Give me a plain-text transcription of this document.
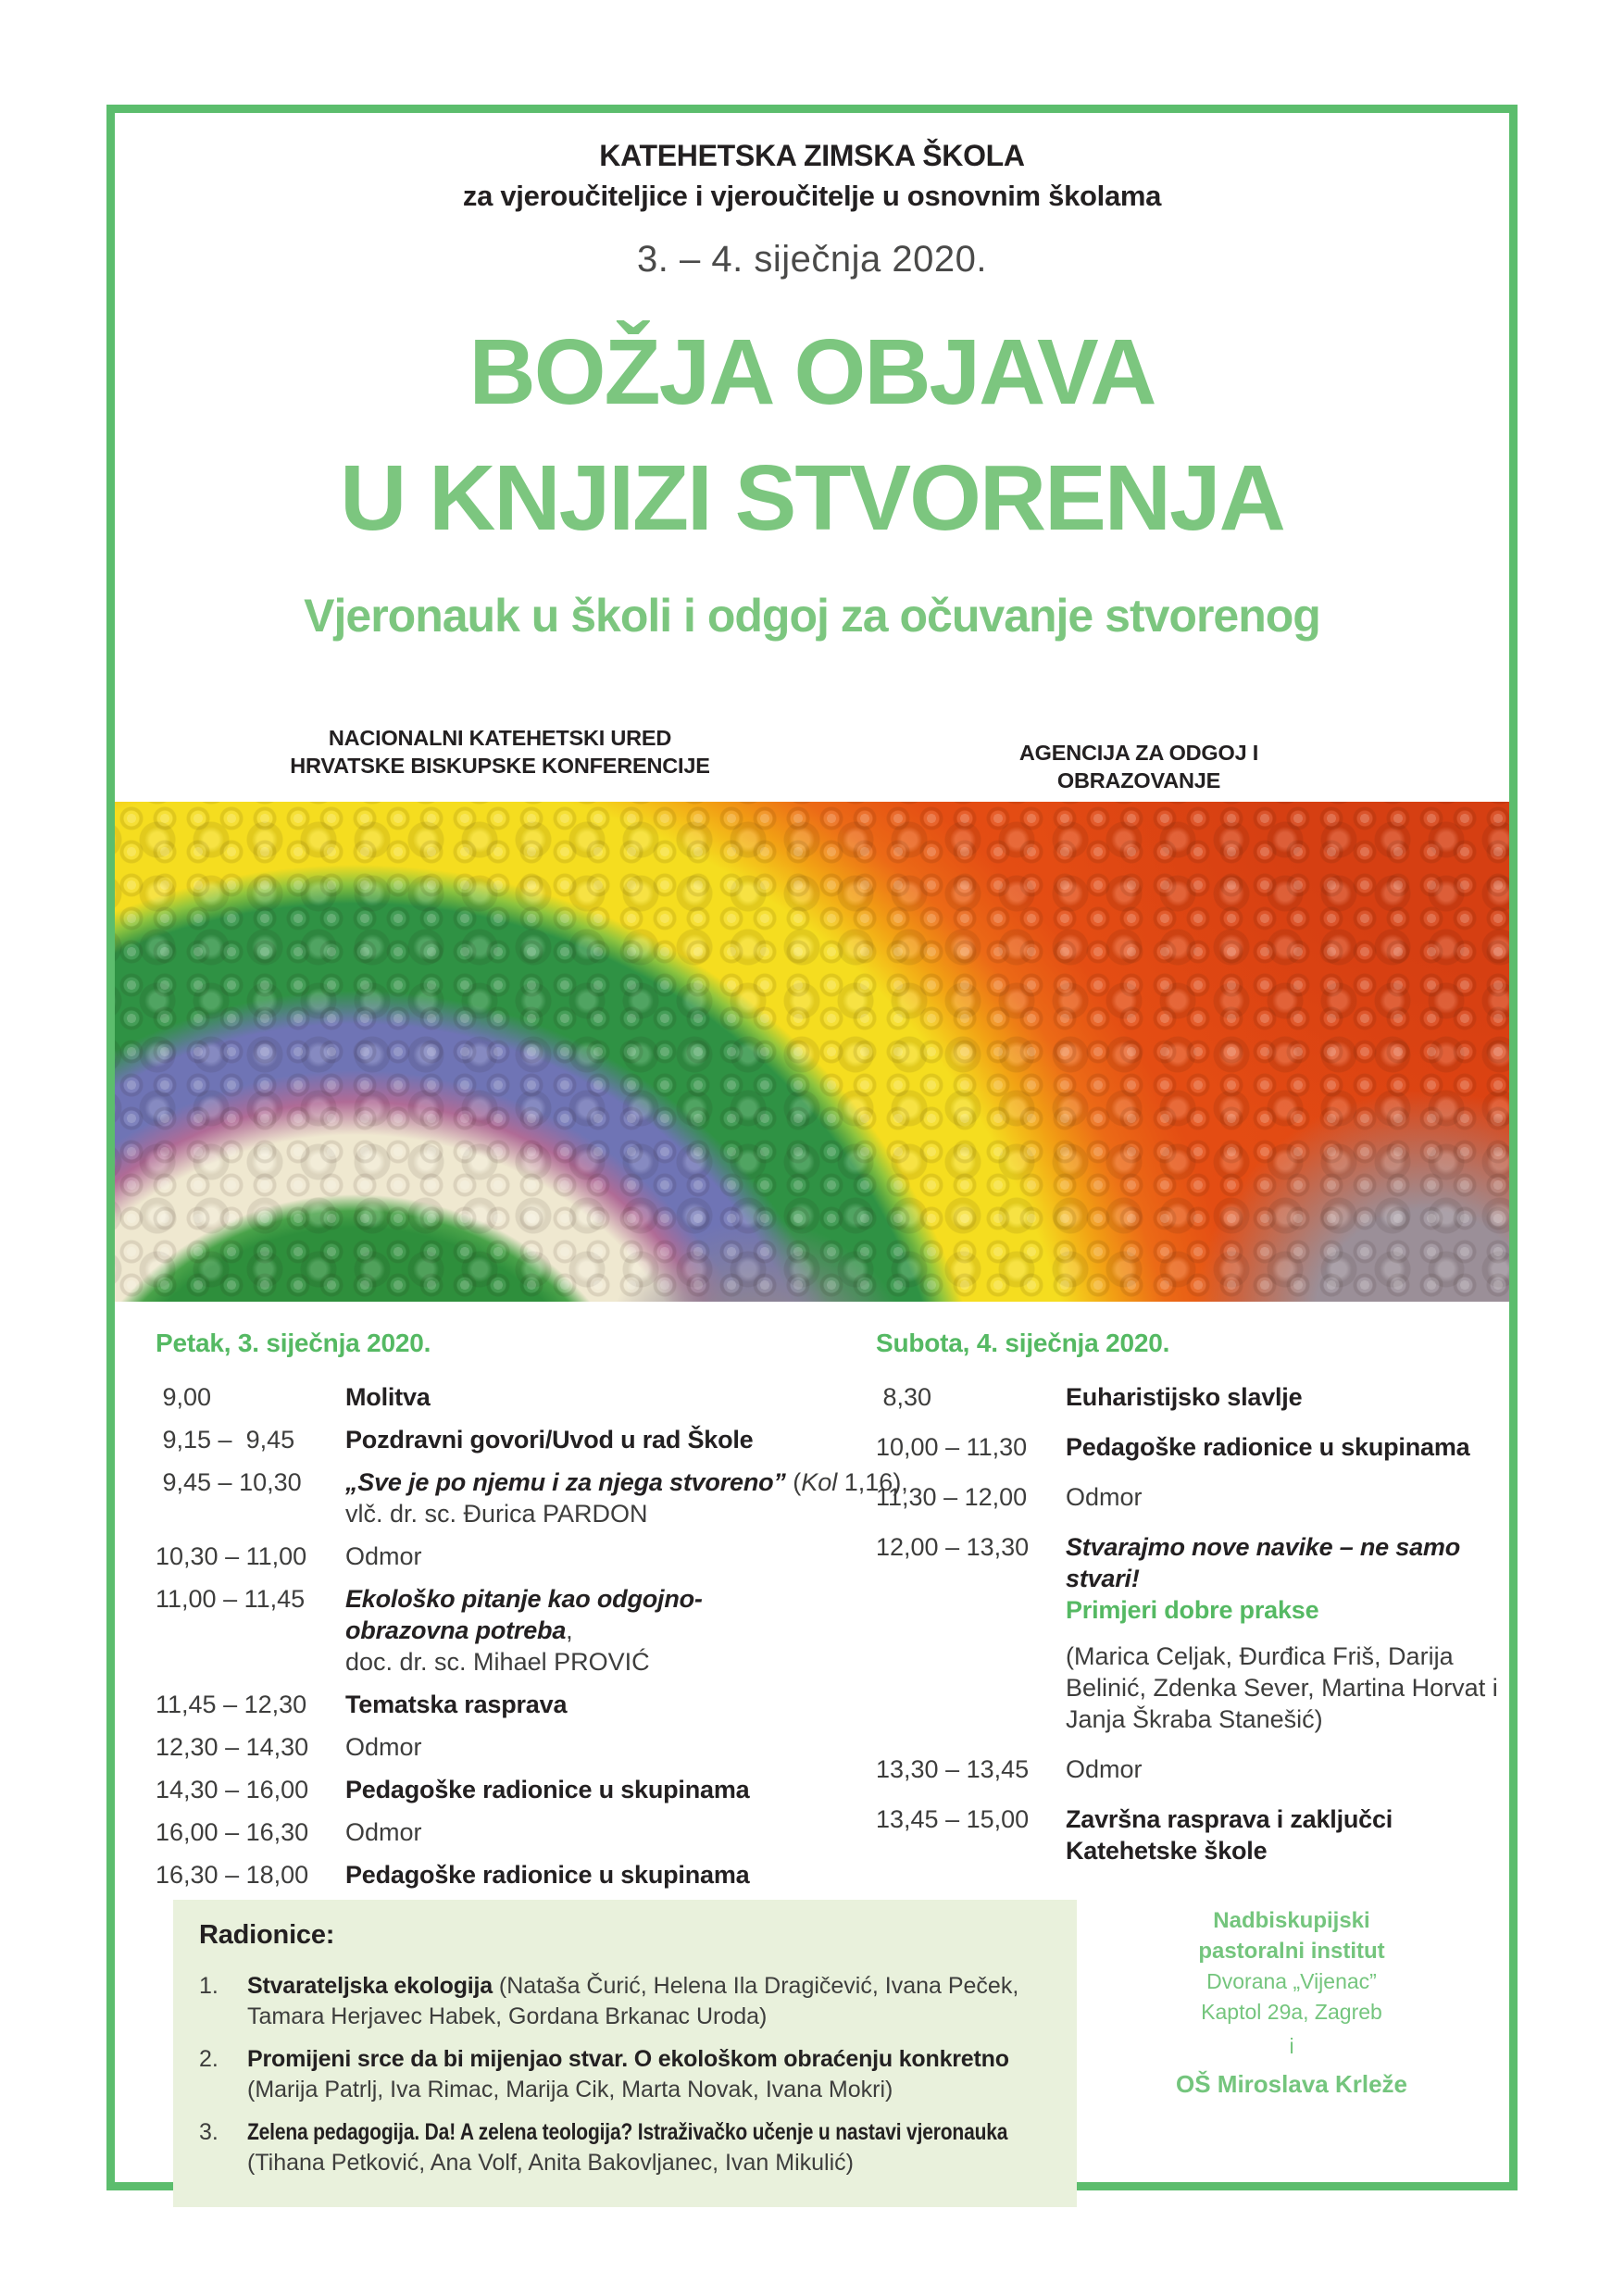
KATEHETSKA ZIMSKA ŠKOLA
za vjeroučiteljice i vjeroučitelje u osnovnim školama
3. – 4. siječnja 2020.
BOŽJA OBJAVA
U KNJIZI STVORENJA
Vjeronauk u školi i odgoj za očuvanje stvorenog
NACIONALNI KATEHETSKI URED
HRVATSKE BISKUPSKE KONFERENCIJE
AGENCIJA ZA ODGOJ I OBRAZOVANJE
Petak, 3. siječnja 2020.
9,00	Molitva
9,15 –  9,45	Pozdravni govori/Uvod u rad Škole
9,45 – 10,30	„Sve je po njemu i za njega stvoreno” (Kol 1,16),
vlč. dr. sc. Đurica PARDON
10,30 – 11,00	Odmor
11,00 – 11,45	Ekološko pitanje kao odgojno-obrazovna potreba,
doc. dr. sc. Mihael PROVIĆ
11,45 – 12,30	Tematska rasprava
12,30 – 14,30	Odmor
14,30 – 16,00	Pedagoške radionice u skupinama
16,00 – 16,30	Odmor
16,30 – 18,00	Pedagoške radionice u skupinama
Subota, 4. siječnja 2020.
8,30	Euharistijsko slavlje
10,00 – 11,30	Pedagoške radionice u skupinama
11,30 – 12,00	Odmor
12,00 – 13,30	Stvarajmo nove navike – ne samo stvari!
Primjeri dobre prakse
(Marica Celjak, Đurđica Friš, Darija Belinić, Zdenka Sever, Martina Horvat i Janja Škraba Stanešić)
13,30 – 13,45	Odmor
13,45 – 15,00	Završna rasprava i zaključci Katehetske škole
Radionice:
1.	Stvarateljska ekologija (Nataša Čurić, Helena Ila Dragičević, Ivana Peček, Tamara Herjavec Habek, Gordana Brkanac Uroda)
2.	Promijeni srce da bi mijenjao stvar. O ekološkom obraćenju konkretno
(Marija Patrlj, Iva Rimac, Marija Cik, Marta Novak, Ivana Mokri)
3.	Zelena pedagogija. Da! A zelena teologija? Istraživačko učenje u nastavi vjeronauka
(Tihana Petković, Ana Volf, Anita Bakovljanec, Ivan Mikulić)
Nadbiskupijski
pastoralni institut
Dvorana „Vijenac”
Kaptol 29a, Zagreb
i
OŠ Miroslava Krleže
